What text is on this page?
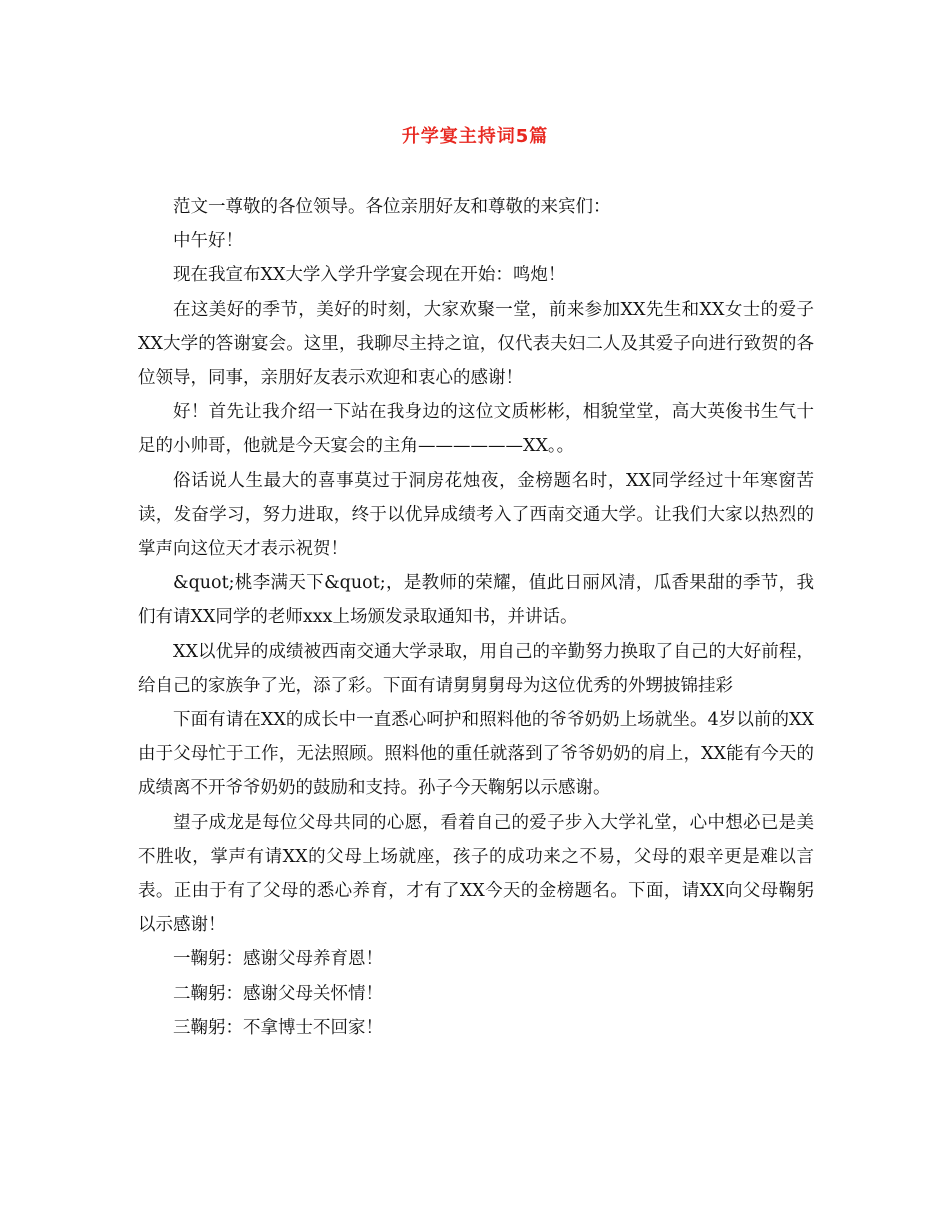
升学宴主持词5篇

范文一尊敬的各位领导。各位亲朋好友和尊敬的来宾们：

中午好！

现在我宣布XX大学入学升学宴会现在开始：鸣炮！

在这美好的季节，美好的时刻，大家欢聚一堂，前来参加XX先生和XX女士的爱子XX大学的答谢宴会。这里，我聊尽主持之谊，仅代表夫妇二人及其爱子向进行致贺的各位领导，同事，亲朋好友表示欢迎和衷心的感谢！

好！首先让我介绍一下站在我身边的这位文质彬彬，相貌堂堂，高大英俊书生气十足的小帅哥，他就是今天宴会的主角——————XX。。

俗话说人生最大的喜事莫过于洞房花烛夜，金榜题名时，XX同学经过十年寒窗苦读，发奋学习，努力进取，终于以优异成绩考入了西南交通大学。让我们大家以热烈的掌声向这位天才表示祝贺！

&quot;桃李满天下&quot;，是教师的荣耀，值此日丽风清，瓜香果甜的季节，我们有请XX同学的老师xxx上场颁发录取通知书，并讲话。

XX以优异的成绩被西南交通大学录取，用自己的辛勤努力换取了自己的大好前程，给自己的家族争了光，添了彩。下面有请舅舅舅母为这位优秀的外甥披锦挂彩

下面有请在XX的成长中一直悉心呵护和照料他的爷爷奶奶上场就坐。4岁以前的XX由于父母忙于工作，无法照顾。照料他的重任就落到了爷爷奶奶的肩上，XX能有今天的成绩离不开爷爷奶奶的鼓励和支持。孙子今天鞠躬以示感谢。

望子成龙是每位父母共同的心愿，看着自己的爱子步入大学礼堂，心中想必已是美不胜收，掌声有请XX的父母上场就座，孩子的成功来之不易，父母的艰辛更是难以言表。正由于有了父母的悉心养育，才有了XX今天的金榜题名。下面，请XX向父母鞠躬以示感谢！

一鞠躬：感谢父母养育恩！

二鞠躬：感谢父母关怀情！

三鞠躬：不拿博士不回家！
